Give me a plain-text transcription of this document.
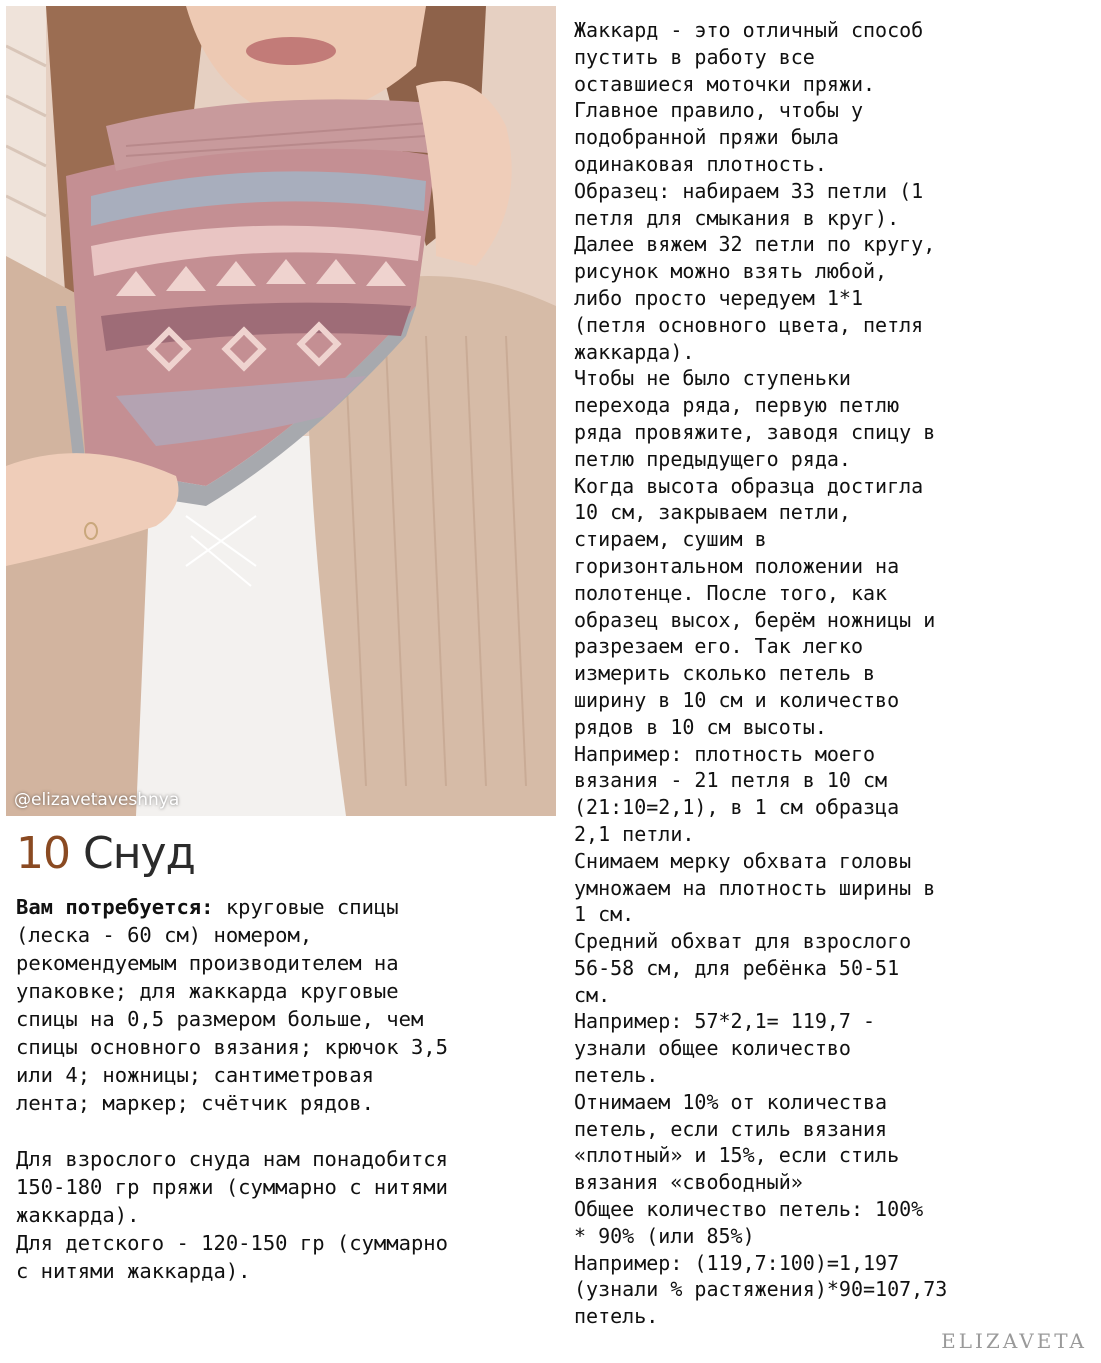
@elizavetaveshnya
10 Снуд
Вам потребуется: круговые спицы
(леска - 60 см) номером,
рекомендуемым производителем на
упаковке; для жаккарда круговые
спицы на 0,5 размером больше, чем
спицы основного вязания; крючок 3,5
или 4; ножницы; сантиметровая
лента; маркер; счётчик рядов.

Для взрослого снуда нам понадобится
150-180 гр пряжи (суммарно с нитями
жаккарда).
Для детского - 120-150 гр (суммарно
с нитями жаккарда).
Жаккард - это отличный способ
пустить в работу все
оставшиеся моточки пряжи.
Главное правило, чтобы у
подобранной пряжи была
одинаковая плотность.
Образец: набираем 33 петли (1
петля для смыкания в круг).
Далее вяжем 32 петли по кругу,
рисунок можно взять любой,
либо просто чередуем 1*1
(петля основного цвета, петля
жаккарда).
Чтобы не было ступеньки
перехода ряда, первую петлю
ряда провяжите, заводя спицу в
петлю предыдущего ряда.
Когда высота образца достигла
10 см, закрываем петли,
стираем, сушим в
горизонтальном положении на
полотенце. После того, как
образец высох, берём ножницы и
разрезаем его. Так легко
измерить сколько петель в
ширину в 10 см и количество
рядов в 10 см высоты.
Например: плотность моего
вязания - 21 петля в 10 см
(21:10=2,1), в 1 см образца
2,1 петли.
Снимаем мерку обхвата головы
умножаем на плотность ширины в
1 см.
Средний обхват для взрослого
56-58 см, для ребёнка 50-51
см.
Например: 57*2,1= 119,7 -
узнали общее количество
петель.
Отнимаем 10% от количества
петель, если стиль вязания
«плотный» и 15%, если стиль
вязания «свободный»
Общее количество петель: 100%
* 90% (или 85%)
Например: (119,7:100)=1,197
(узнали % растяжения)*90=107,73
петель.
ELIZAVETA
